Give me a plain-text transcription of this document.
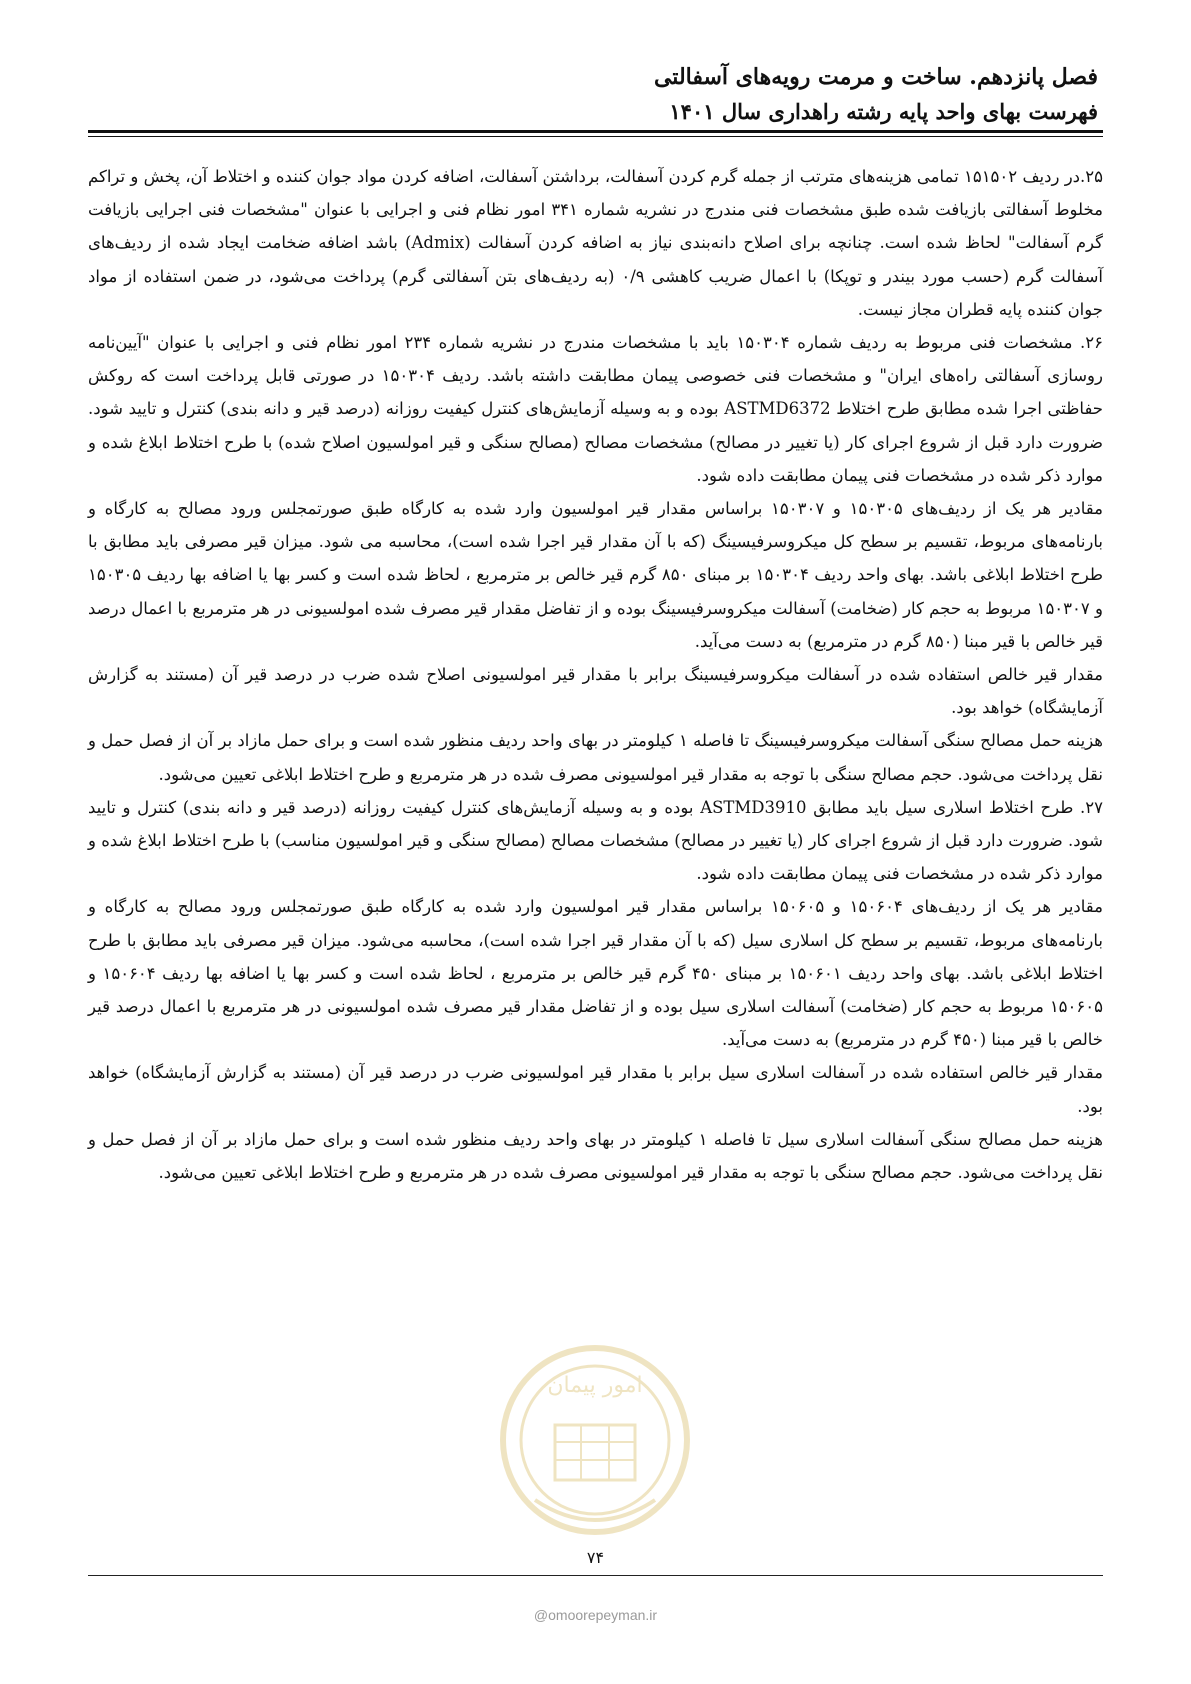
فصل پانزدهم. ساخت و مرمت رویه‌های آسفالتی
فهرست بهای واحد پایه رشته راهداری سال ۱۴۰۱

۲۵.در ردیف ۱۵۱۵۰۲ تمامی هزینه‌های مترتب از جمله گرم کردن آسفالت، برداشتن آسفالت، اضافه کردن مواد جوان کننده و اختلاط آن، پخش و تراکم مخلوط آسفالتی بازیافت شده طبق مشخصات فنی مندرج در نشریه شماره ۳۴۱ امور نظام فنی و اجرایی با عنوان "مشخصات فنی اجرایی بازیافت گرم آسفالت" لحاظ شده است. چنانچه برای اصلاح دانه‌بندی نیاز به اضافه کردن آسفالت (Admix) باشد اضافه ضخامت ایجاد شده از ردیف‌های آسفالت گرم (حسب مورد بیندر و توپکا) با اعمال ضریب کاهشی ۰/۹ (به ردیف‌های بتن آسفالتی گرم) پرداخت می‌شود، در ضمن استفاده از مواد جوان کننده پایه قطران مجاز نیست.

۲۶. مشخصات فنی مربوط به ردیف شماره ۱۵۰۳۰۴ باید با مشخصات مندرج در نشریه شماره ۲۳۴ امور نظام فنی و اجرایی با عنوان "آیین‌نامه روسازی آسفالتی راه‌های ایران" و مشخصات فنی خصوصی پیمان مطابقت داشته باشد. ردیف ۱۵۰۳۰۴ در صورتی قابل پرداخت است که روکش حفاظتی اجرا شده مطابق طرح اختلاط ASTMD6372 بوده و به وسیله آزمایش‌های کنترل کیفیت روزانه (درصد قیر و دانه بندی) کنترل و تایید شود. ضرورت دارد قبل از شروع اجرای کار (یا تغییر در مصالح) مشخصات مصالح (مصالح سنگی و قیر امولسیون اصلاح شده) با طرح اختلاط ابلاغ شده و موارد ذکر شده در مشخصات فنی پیمان مطابقت داده شود.

مقادیر هر یک از ردیف‌های ۱۵۰۳۰۵ و ۱۵۰۳۰۷ براساس مقدار قیر امولسیون وارد شده به کارگاه طبق صورتمجلس ورود مصالح به کارگاه و بارنامه‌های مربوط، تقسیم بر سطح کل میکروسرفیسینگ (که با آن مقدار قیر اجرا شده است)، محاسبه می شود. میزان قیر مصرفی باید مطابق با طرح اختلاط ابلاغی باشد. بهای واحد ردیف ۱۵۰۳۰۴ بر مبنای ۸۵۰ گرم قیر خالص بر مترمربع ، لحاظ شده است و کسر بها یا اضافه بها ردیف ۱۵۰۳۰۵ و ۱۵۰۳۰۷ مربوط به حجم کار (ضخامت) آسفالت میکروسرفیسینگ بوده و از تفاضل مقدار قیر مصرف شده امولسیونی در هر مترمربع با اعمال درصد قیر خالص با قیر مبنا (۸۵۰ گرم در مترمربع) به دست می‌آید.

مقدار قیر خالص استفاده شده در آسفالت میکروسرفیسینگ برابر با مقدار قیر امولسیونی اصلاح شده ضرب در درصد قیر آن (مستند به گزارش آزمایشگاه) خواهد بود.

هزینه حمل مصالح سنگی آسفالت میکروسرفیسینگ تا فاصله ۱ کیلومتر در بهای واحد ردیف منظور شده است و برای حمل مازاد بر آن از فصل حمل و نقل پرداخت می‌شود. حجم مصالح سنگی با توجه به مقدار قیر امولسیونی مصرف شده در هر مترمربع و طرح اختلاط ابلاغی تعیین می‌شود.

۲۷. طرح اختلاط اسلاری سیل باید مطابق ASTMD3910 بوده و به وسیله آزمایش‌های کنترل کیفیت روزانه (درصد قیر و دانه بندی) کنترل و تایید شود. ضرورت دارد قبل از شروع اجرای کار (یا تغییر در مصالح) مشخصات مصالح (مصالح سنگی و قیر امولسیون مناسب) با طرح اختلاط ابلاغ شده و موارد ذکر شده در مشخصات فنی پیمان مطابقت داده شود.

مقادیر هر یک از ردیف‌های ۱۵۰۶۰۴ و ۱۵۰۶۰۵ براساس مقدار قیر امولسیون وارد شده به کارگاه طبق صورتمجلس ورود مصالح به کارگاه و بارنامه‌های مربوط، تقسیم بر سطح کل اسلاری سیل (که با آن مقدار قیر اجرا شده است)، محاسبه می‌شود. میزان قیر مصرفی باید مطابق با طرح اختلاط ابلاغی باشد. بهای واحد ردیف ۱۵۰۶۰۱ بر مبنای ۴۵۰ گرم قیر خالص بر مترمربع ، لحاظ شده است و کسر بها یا اضافه بها ردیف ۱۵۰۶۰۴ و ۱۵۰۶۰۵ مربوط به حجم کار (ضخامت) آسفالت اسلاری سیل بوده و از تفاضل مقدار قیر مصرف شده امولسیونی در هر مترمربع با اعمال درصد قیر خالص با قیر مبنا (۴۵۰ گرم در مترمربع) به دست می‌آید.

مقدار قیر خالص استفاده شده در آسفالت اسلاری سیل برابر با مقدار قیر امولسیونی ضرب در درصد قیر آن (مستند به گزارش آزمایشگاه) خواهد بود.

هزینه حمل مصالح سنگی آسفالت اسلاری سیل تا فاصله ۱ کیلومتر در بهای واحد ردیف منظور شده است و برای حمل مازاد بر آن از فصل حمل و نقل پرداخت می‌شود. حجم مصالح سنگی با توجه به مقدار قیر امولسیونی مصرف شده در هر مترمربع و طرح اختلاط ابلاغی تعیین می‌شود.

امور پیمان
۷۴
@omoorepeyman.ir
